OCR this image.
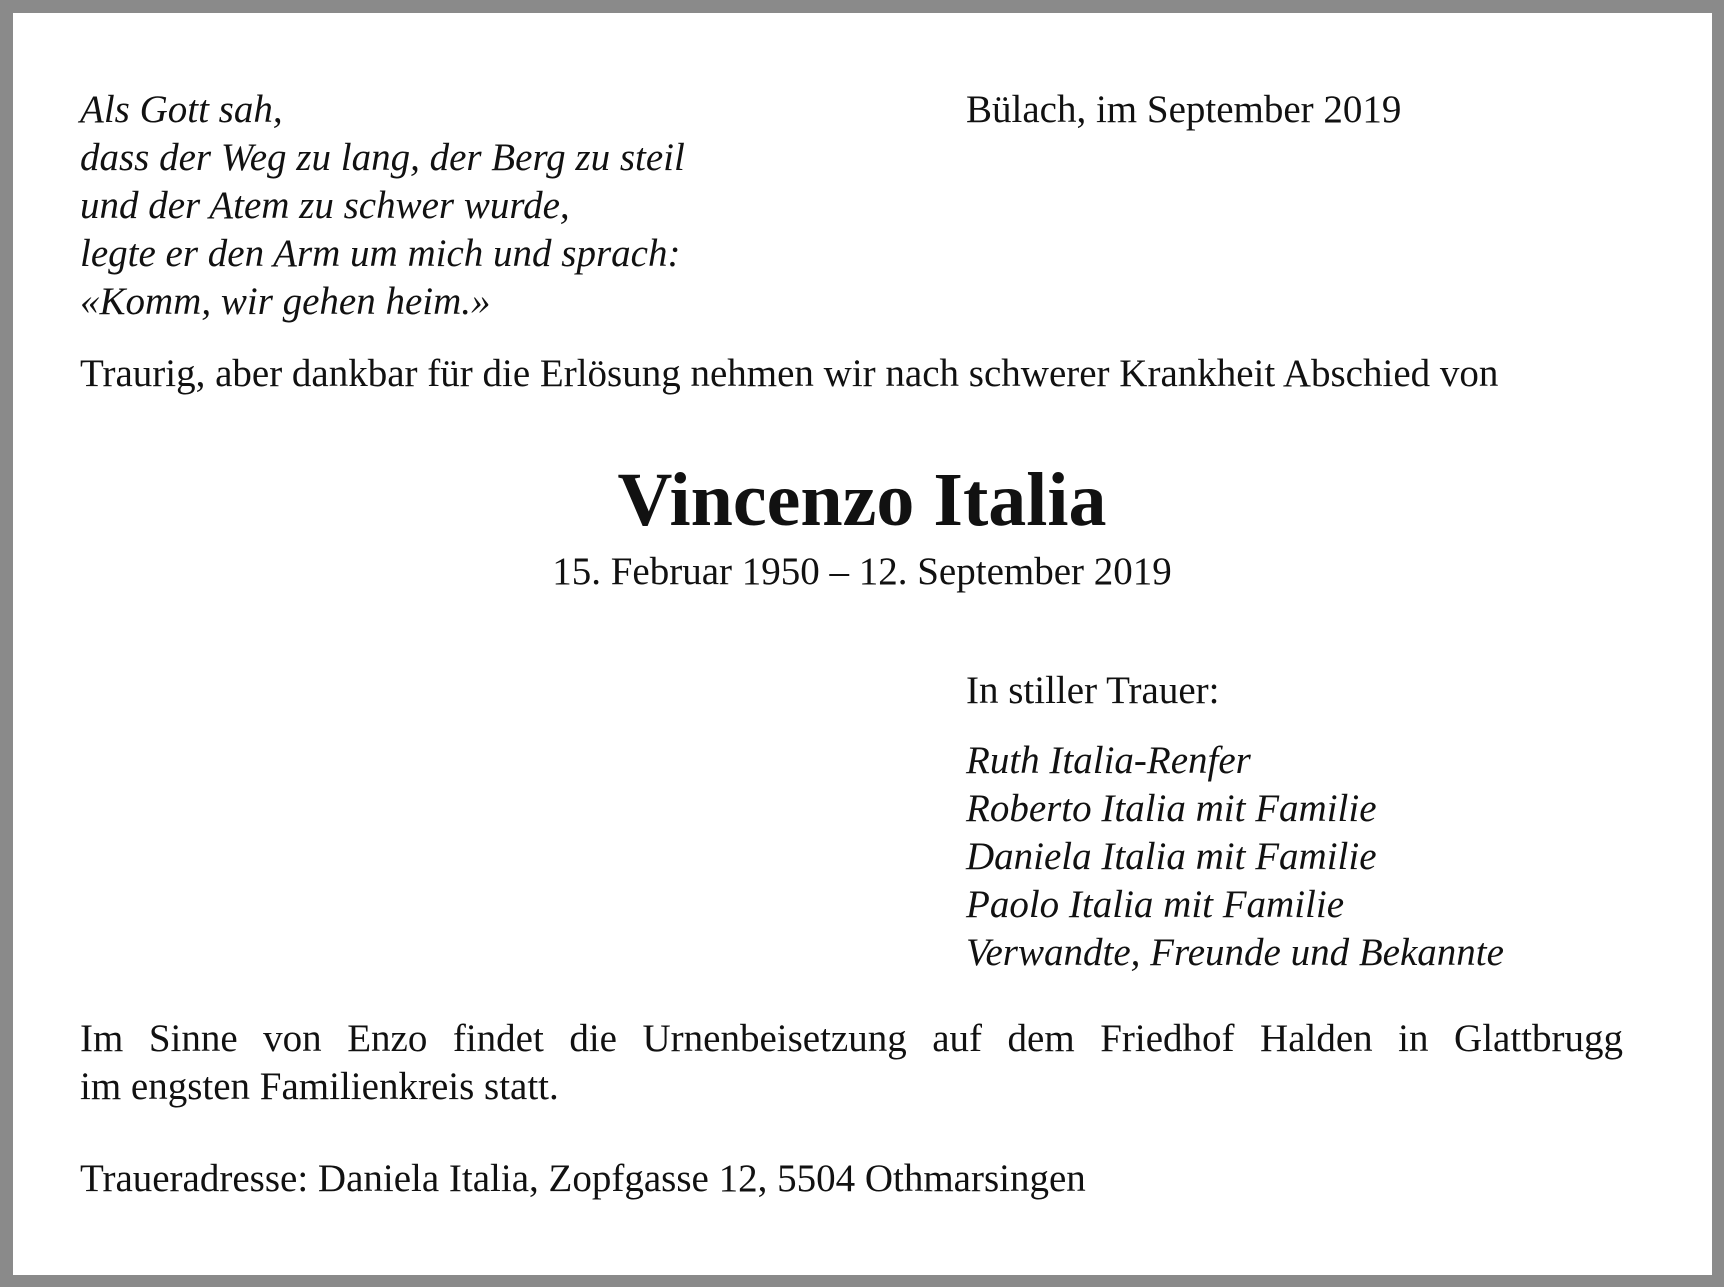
Als Gott sah,
dass der Weg zu lang, der Berg zu steil
und der Atem zu schwer wurde,
legte er den Arm um mich und sprach:
«Komm, wir gehen heim.»
Bülach, im September 2019
Traurig, aber dankbar für die Erlösung nehmen wir nach schwerer Krankheit Abschied von
Vincenzo Italia
15. Februar 1950 – 12. September 2019
In stiller Trauer:
Ruth Italia-Renfer
Roberto Italia mit Familie
Daniela Italia mit Familie
Paolo Italia mit Familie
Verwandte, Freunde und Bekannte
Im Sinne von Enzo findet die Urnenbeisetzung auf dem Friedhof Halden in Glattbrugg
im engsten Familienkreis statt.
Traueradresse: Daniela Italia, Zopfgasse 12, 5504 Othmarsingen
